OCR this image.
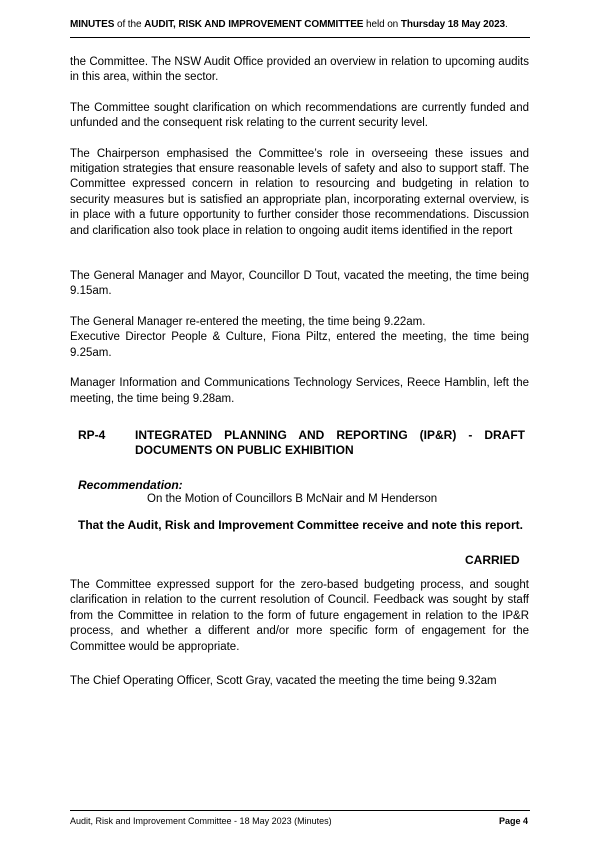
MINUTES of the AUDIT, RISK AND IMPROVEMENT COMMITTEE held on Thursday 18 May 2023.

the Committee. The NSW Audit Office provided an overview in relation to upcoming audits in this area, within the sector.

The Committee sought clarification on which recommendations are currently funded and unfunded and the consequent risk relating to the current security level.

The Chairperson emphasised the Committee’s role in overseeing these issues and mitigation strategies that ensure reasonable levels of safety and also to support staff. The Committee expressed concern in relation to resourcing and budgeting in relation to security measures but is satisfied an appropriate plan, incorporating external overview, is in place with a future opportunity to further consider those recommendations. Discussion and clarification also took place in relation to ongoing audit items identified in the report

The General Manager and Mayor, Councillor D Tout, vacated the meeting, the time being 9.15am.

The General Manager re-entered the meeting, the time being 9.22am.

Executive Director People & Culture, Fiona Piltz, entered the meeting, the time being 9.25am.

Manager Information and Communications Technology Services, Reece Hamblin, left the meeting, the time being 9.28am.

RP-4 INTEGRATED PLANNING AND REPORTING (IP&R) - DRAFT DOCUMENTS ON PUBLIC EXHIBITION
Recommendation:
On the Motion of Councillors B McNair and M Henderson
That the Audit, Risk and Improvement Committee receive and note this report.
CARRIED

The Committee expressed support for the zero-based budgeting process, and sought clarification in relation to the current resolution of Council. Feedback was sought by staff from the Committee in relation to the form of future engagement in relation to the IP&R process, and whether a different and/or more specific form of engagement for the Committee would be appropriate.

The Chief Operating Officer, Scott Gray, vacated the meeting the time being 9.32am

Audit, Risk and Improvement Committee - 18 May 2023 (Minutes)	Page 4
